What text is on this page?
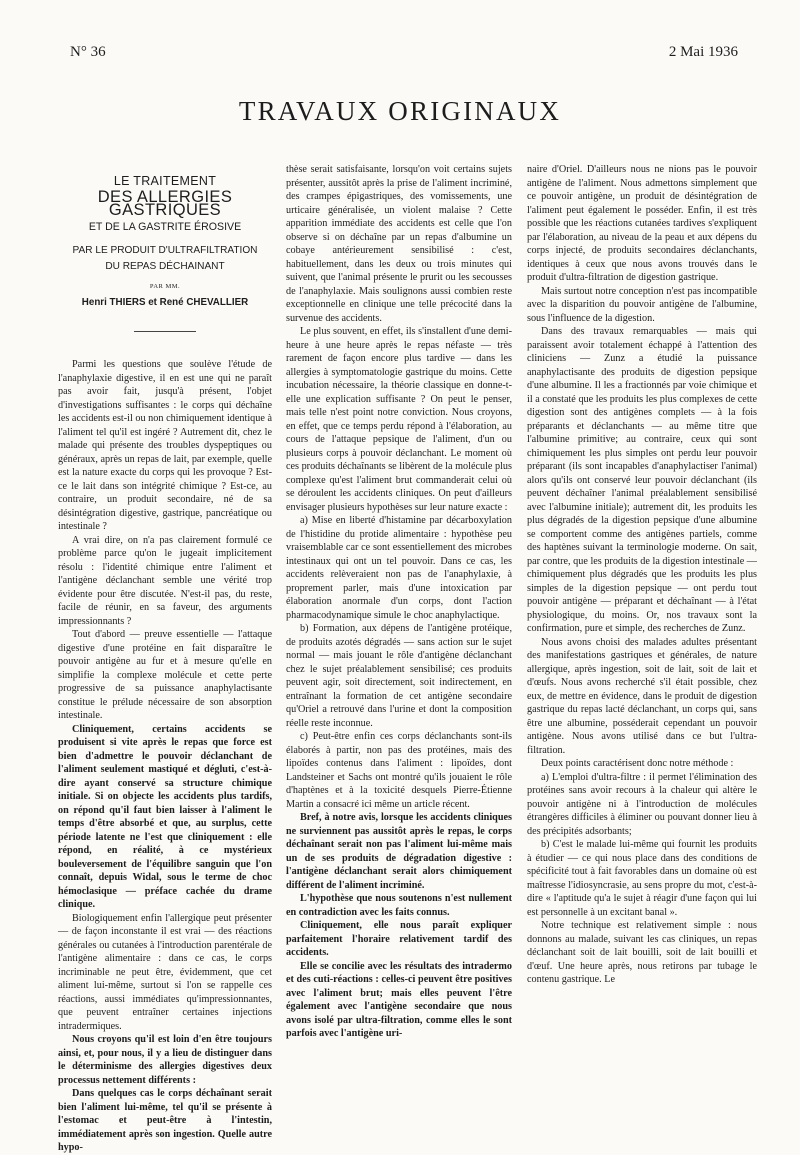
N° 36	2 Mai 1936
TRAVAUX ORIGINAUX
LE TRAITEMENT
DES ALLERGIES GASTRIQUES
ET DE LA GASTRITE ÉROSIVE
PAR LE PRODUIT D'ULTRAFILTRATION
DU REPAS DÉCHAINANT
PAR MM.
Henri THIERS et René CHEVALLIER

Parmi les questions que soulève l'étude de l'anaphylaxie digestive, il en est une qui ne paraît pas avoir fait, jusqu'à présent, l'objet d'investigations suffisantes : le corps qui déchaîne les accidents est-il ou non chimiquement identique à l'aliment tel qu'il est ingéré ? Autrement dit, chez le malade qui présente des troubles dyspeptiques ou généraux, après un repas de lait, par exemple, quelle est la nature exacte du corps qui les provoque ? Est-ce le lait dans son intégrité chimique ? Est-ce, au contraire, un produit secondaire, né de sa désintégration digestive, gastrique, pancréatique ou intestinale ?

A vrai dire, on n'a pas clairement formulé ce problème parce qu'on le jugeait implicitement résolu : l'identité chimique entre l'aliment et l'antigène déclanchant semble une vérité trop évidente pour être discutée. N'est-il pas, du reste, facile de réunir, en sa faveur, des arguments impressionnants ?

Tout d'abord — preuve essentielle — l'attaque digestive d'une protéine en fait disparaître le pouvoir antigène au fur et à mesure qu'elle en simplifie la complexe molécule et cette perte progressive de sa puissance anaphylactisante constitue le prélude nécessaire de son absorption intestinale.

Cliniquement, certains accidents se produisent si vite après le repas que force est bien d'admettre le pouvoir déclanchant de l'aliment seulement mastiqué et dégluti, c'est-à-dire ayant conservé sa structure chimique initiale. Si on objecte les accidents plus tardifs, on répond qu'il faut bien laisser à l'aliment le temps d'être absorbé et que, au surplus, cette période latente ne l'est que cliniquement : elle répond, en réalité, à ce mystérieux bouleversement de l'équilibre sanguin que l'on connaît, depuis Widal, sous le terme de choc hémoclasique — préface cachée du drame clinique.

Biologiquement enfin l'allergique peut présenter — de façon inconstante il est vrai — des réactions générales ou cutanées à l'introduction parentérale de l'antigène alimentaire : dans ce cas, le corps incriminable ne peut être, évidemment, que cet aliment lui-même, surtout si l'on se rappelle ces réactions, aussi immédiates qu'impressionnantes, que peuvent entraîner certaines injections intradermiques.

Nous croyons qu'il est loin d'en être toujours ainsi, et, pour nous, il y a lieu de distinguer dans le déterminisme des allergies digestives deux processus nettement différents :

Dans quelques cas le corps déchaînant serait bien l'aliment lui-même, tel qu'il se présente à l'estomac et peut-être à l'intestin, immédiatement après son ingestion. Quelle autre hypo-

thèse serait satisfaisante, lorsqu'on voit certains sujets présenter, aussitôt après la prise de l'aliment incriminé, des crampes épigastriques, des vomissements, une urticaire généralisée, un violent malaise ? Cette apparition immédiate des accidents est celle que l'on observe si on déchaîne par un repas d'albumine un cobaye antérieurement sensibilisé : c'est, habituellement, dans les deux ou trois minutes qui suivent, que l'animal présente le prurit ou les secousses de l'anaphylaxie. Mais soulignons aussi combien reste exceptionnelle en clinique une telle précocité dans la survenue des accidents.

Le plus souvent, en effet, ils s'installent d'une demi-heure à une heure après le repas néfaste — très rarement de façon encore plus tardive — dans les allergies à symptomatologie gastrique du moins. Cette incubation nécessaire, la théorie classique en donne-t-elle une explication suffisante ? On peut le penser, mais telle n'est point notre conviction. Nous croyons, en effet, que ce temps perdu répond à l'élaboration, au cours de l'attaque pepsique de l'aliment, d'un ou plusieurs corps à pouvoir déclanchant. Le moment où ces produits déchaînants se libèrent de la molécule plus complexe qu'est l'aliment brut commanderait celui où se déroulent les accidents cliniques. On peut d'ailleurs envisager plusieurs hypothèses sur leur nature exacte :

a) Mise en liberté d'histamine par décarboxylation de l'histidine du protide alimentaire : hypothèse peu vraisemblable car ce sont essentiellement des microbes intestinaux qui ont un tel pouvoir. Dans ce cas, les accidents relèveraient non pas de l'anaphylaxie, à proprement parler, mais d'une intoxication par élaboration anormale d'un corps, dont l'action pharmacodynamique simule le choc anaphylactique.

b) Formation, aux dépens de l'antigène protéique, de produits azotés dégradés — sans action sur le sujet normal — mais jouant le rôle d'antigène déclanchant chez le sujet préalablement sensibilisé; ces produits peuvent agir, soit directement, soit indirectement, en entraînant la formation de cet antigène secondaire qu'Oriel a retrouvé dans l'urine et dont la composition réelle reste inconnue.

c) Peut-être enfin ces corps déclanchants sont-ils élaborés à partir, non pas des protéines, mais des lipoïdes contenus dans l'aliment : lipoïdes, dont Landsteiner et Sachs ont montré qu'ils jouaient le rôle d'haptènes et à la toxicité desquels Pierre-Étienne Martin a consacré ici même un article récent.

Bref, à notre avis, lorsque les accidents cliniques ne surviennent pas aussitôt après le repas, le corps déchaînant serait non pas l'aliment lui-même mais un de ses produits de dégradation digestive : l'antigène déclanchant serait alors chimiquement différent de l'aliment incriminé.

L'hypothèse que nous soutenons n'est nullement en contradiction avec les faits connus.

Cliniquement, elle nous paraît expliquer parfaitement l'horaire relativement tardif des accidents.

Elle se concilie avec les résultats des intradermo et des cuti-réactions : celles-ci peuvent être positives avec l'aliment brut; mais elles peuvent l'être également avec l'antigène secondaire que nous avons isolé par ultra-filtration, comme elles le sont parfois avec l'antigène uri-

naire d'Oriel. D'ailleurs nous ne nions pas le pouvoir antigène de l'aliment. Nous admettons simplement que ce pouvoir antigène, un produit de désintégration de l'aliment peut également le posséder. Enfin, il est très possible que les réactions cutanées tardives s'expliquent par l'élaboration, au niveau de la peau et aux dépens du corps injecté, de produits secondaires déclanchants, identiques à ceux que nous avons trouvés dans le produit d'ultra-filtration de digestion gastrique.

Mais surtout notre conception n'est pas incompatible avec la disparition du pouvoir antigène de l'albumine, sous l'influence de la digestion.

Dans des travaux remarquables — mais qui paraissent avoir totalement échappé à l'attention des cliniciens — Zunz a étudié la puissance anaphylactisante des produits de digestion pepsique d'une albumine. Il les a fractionnés par voie chimique et il a constaté que les produits les plus complexes de cette digestion sont des antigènes complets — à la fois préparants et déclanchants — au même titre que l'albumine primitive; au contraire, ceux qui sont chimiquement les plus simples ont perdu leur pouvoir préparant (ils sont incapables d'anaphylactiser l'animal) alors qu'ils ont conservé leur pouvoir déclanchant (ils peuvent déchaîner l'animal préalablement sensibilisé avec l'albumine initiale); autrement dit, les produits les plus dégradés de la digestion pepsique d'une albumine se comportent comme des antigènes partiels, comme des haptènes suivant la terminologie moderne. On sait, par contre, que les produits de la digestion intestinale — chimiquement plus dégradés que les produits les plus simples de la digestion pepsique — ont perdu tout pouvoir antigène — préparant et déchaînant — à l'état physiologique, du moins. Or, nos travaux sont la confirmation, pure et simple, des recherches de Zunz.

Nous avons choisi des malades adultes présentant des manifestations gastriques et générales, de nature allergique, après ingestion, soit de lait, soit de lait et d'œufs. Nous avons recherché s'il était possible, chez eux, de mettre en évidence, dans le produit de digestion gastrique du repas lacté déclanchant, un corps qui, sans être une albumine, posséderait cependant un pouvoir antigène. Nous avons utilisé dans ce but l'ultra-filtration.

Deux points caractérisent donc notre méthode :

a) L'emploi d'ultra-filtre : il permet l'élimination des protéines sans avoir recours à la chaleur qui altère le pouvoir antigène ni à l'introduction de molécules étrangères difficiles à éliminer ou pouvant donner lieu à des précipités adsorbants;

b) C'est le malade lui-même qui fournit les produits à étudier — ce qui nous place dans des conditions de spécificité tout à fait favorables dans un domaine où est maîtresse l'idiosyncrasie, au sens propre du mot, c'est-à-dire « l'aptitude qu'a le sujet à réagir d'une façon qui lui est personnelle à un excitant banal ».

Notre technique est relativement simple : nous donnons au malade, suivant les cas cliniques, un repas déclanchant soit de lait bouilli, soit de lait bouilli et d'œuf. Une heure après, nous retirons par tubage le contenu gastrique. Le
